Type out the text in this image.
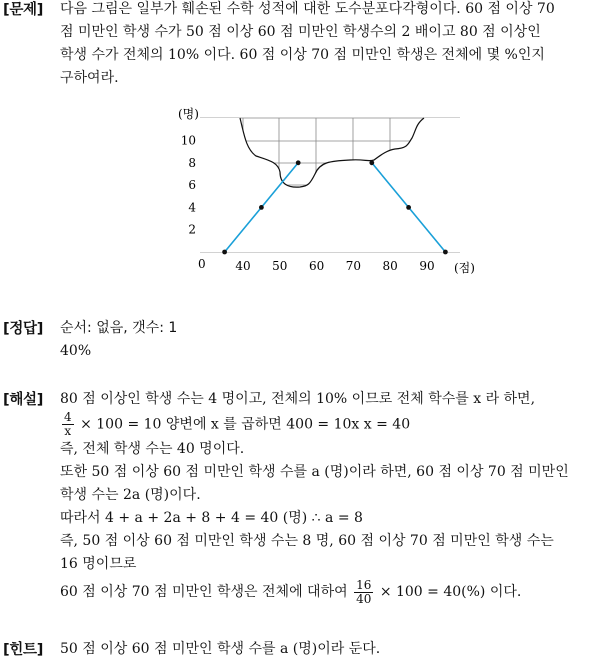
[문제] 다음 그림은 일부가 훼손된 수학 성적에 대한 도수분포다각형이다. 60 점 이상 70
점 미만인 학생 수가 50 점 이상 60 점 미만인 학생수의 2 배이고 80 점 이상인
학생 수가 전체의 10% 이다. 60 점 이상 70 점 미만인 학생은 전체에 몇 %인지
구하여라.
(명)
2
4
6
8
10
40 50 60 70 80 90
0	(점)
[정답] 순서: 없음, 갯수: 1
40%
[해설] 80 점 이상인 학생 수는 4 명이고, 전체의 10% 이므로 전체 학수를 x 라 하면,
$\frac{4}{x} \times 100 = 10$ 양변에 x 를 곱하면 400 = 10x x = 40
즉, 전체 학생 수는 40 명이다.
또한 50 점 이상 60 점 미만인 학생 수를 a (명)이라 하면, 60 점 이상 70 점 미만인
학생 수는 2a (명)이다.
따라서 4 + a + 2a + 8 + 4 = 40 (명) ∴ a = 8
즉, 50 점 이상 60 점 미만인 학생 수는 8 명, 60 점 이상 70 점 미만인 학생 수는
16 명이므로
60 점 이상 70 점 미만인 학생은 전체에 대하여 $\frac{16}{40} \times 100 = 40(\%)$ 이다.
[힌트] 50 점 이상 60 점 미만인 학생 수를 a (명)이라 둔다.
